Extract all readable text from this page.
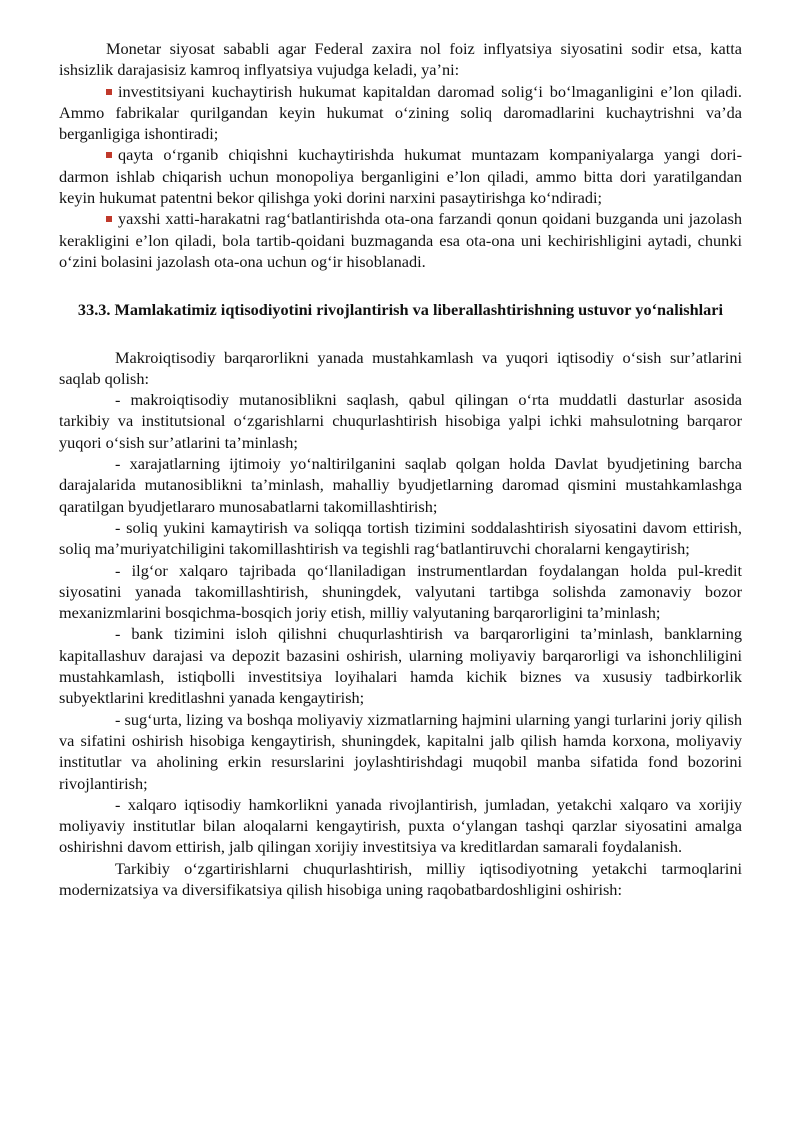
Monetar siyosat sababli agar Federal zaxira nol foiz inflyatsiya siyosatini sodir etsa, katta ishsizlik darajasisiz kamroq inflyatsiya vujudga keladi, ya’ni:

investitsiyani kuchaytirish hukumat kapitaldan daromad solig‘i bo‘lmaganligini e’lon qiladi. Ammo fabrikalar qurilgandan keyin hukumat o‘zining soliq daromadlarini kuchaytrishni va’da berganligiga ishontiradi;

qayta o‘rganib chiqishni kuchaytirishda hukumat muntazam kompaniyalarga yangi dori-darmon ishlab chiqarish uchun monopoliya berganligini e’lon qiladi, ammo bitta dori yaratilgandan keyin hukumat patentni bekor qilishga yoki dorini narxini pasaytirishga ko‘ndiradi;

yaxshi xatti-harakatni rag‘batlantirishda ota-ona farzandi qonun qoidani buzganda uni jazolash kerakligini e’lon qiladi, bola tartib-qoidani buzmaganda esa ota-ona uni kechirishligini aytadi, chunki o‘zini bolasini jazolash ota-ona uchun og‘ir hisoblanadi.

33.3. Mamlakatimiz iqtisodiyotini rivojlantirish va liberallashtirishning ustuvor yo‘nalishlari

Makroiqtisodiy barqarorlikni yanada mustahkamlash va yuqori iqtisodiy o‘sish sur’atlarini saqlab qolish:

- makroiqtisodiy mutanosiblikni saqlash, qabul qilingan o‘rta muddatli dasturlar asosida tarkibiy va institutsional o‘zgarishlarni chuqurlashtirish hisobiga yalpi ichki mahsulotning barqaror yuqori o‘sish sur’atlarini ta’minlash;

- xarajatlarning ijtimoiy yo‘naltirilganini saqlab qolgan holda Davlat byudjetining barcha darajalarida mutanosiblikni ta’minlash, mahalliy byudjetlarning daromad qismini mustahkamlashga qaratilgan byudjetlararo munosabatlarni takomillashtirish;

- soliq yukini kamaytirish va soliqqa tortish tizimini soddalashtirish siyosatini davom ettirish, soliq ma’muriyatchiligini takomillashtirish va tegishli rag‘batlantiruvchi choralarni kengaytirish;

- ilg‘or xalqaro tajribada qo‘llaniladigan instrumentlardan foydalangan holda pul-kredit siyosatini yanada takomillashtirish, shuningdek, valyutani tartibga solishda zamonaviy bozor mexanizmlarini bosqichma-bosqich joriy etish, milliy valyutaning barqarorligini ta’minlash;

- bank tizimini isloh qilishni chuqurlashtirish va barqarorligini ta’minlash, banklarning kapitallashuv darajasi va depozit bazasini oshirish, ularning moliyaviy barqarorligi va ishonchliligini mustahkamlash, istiqbolli investitsiya loyihalari hamda kichik biznes va xususiy tadbirkorlik subyektlarini kreditlashni yanada kengaytirish;

- sug‘urta, lizing va boshqa moliyaviy xizmatlarning hajmini ularning yangi turlarini joriy qilish va sifatini oshirish hisobiga kengaytirish, shuningdek, kapitalni jalb qilish hamda korxona, moliyaviy institutlar va aholining erkin resurslarini joylashtirishdagi muqobil manba sifatida fond bozorini rivojlantirish;

- xalqaro iqtisodiy hamkorlikni yanada rivojlantirish, jumladan, yetakchi xalqaro va xorijiy moliyaviy institutlar bilan aloqalarni kengaytirish, puxta o‘ylangan tashqi qarzlar siyosatini amalga oshirishni davom ettirish, jalb qilingan xorijiy investitsiya va kreditlardan samarali foydalanish.

Tarkibiy o‘zgartirishlarni chuqurlashtirish, milliy iqtisodiyotning yetakchi tarmoqlarini modernizatsiya va diversifikatsiya qilish hisobiga uning raqobatbardoshligini oshirish:
